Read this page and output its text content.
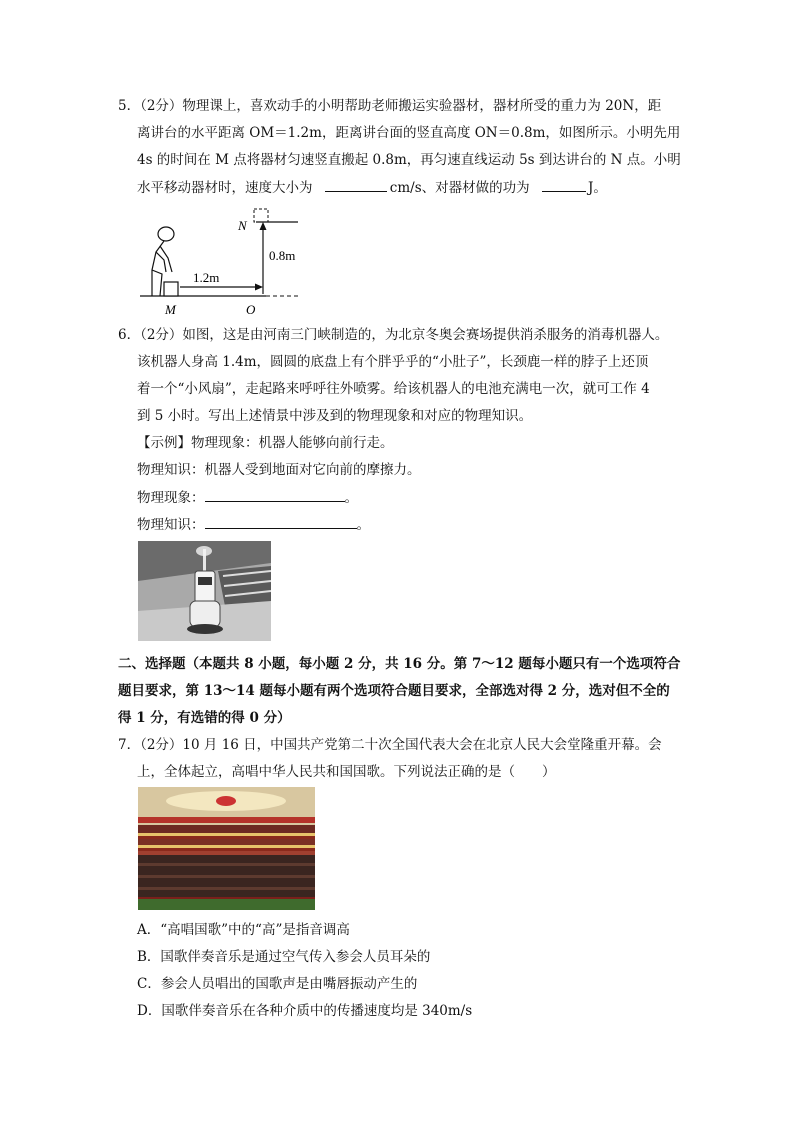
5．（2分）物理课上，喜欢动手的小明帮助老师搬运实验器材，器材所受的重力为 20N，距
离讲台的水平距离 OM＝1.2m，距离讲台面的竖直高度 ON＝0.8m，如图所示。小明先用
4s 的时间在 M 点将器材匀速竖直搬起 0.8m，再匀速直线运动 5s 到达讲台的 N 点。小明
水平移动器材时，速度大小为	cm/s、对器材做的功为	J。
N
M	O
1.2m
0.8m
6．（2分）如图，这是由河南三门峡制造的，为北京冬奥会赛场提供消杀服务的消毒机器人。
该机器人身高 1.4m，圆圆的底盘上有个胖乎乎的“小肚子”，长颈鹿一样的脖子上还顶
着一个“小风扇”，走起路来呼呼往外喷雾。给该机器人的电池充满电一次，就可工作 4
到 5 小时。写出上述情景中涉及到的物理现象和对应的物理知识。
【示例】物理现象：机器人能够向前行走。
物理知识：机器人受到地面对它向前的摩擦力。
物理现象：	。
物理知识：	。
二、选择题（本题共 8 小题，每小题 2 分，共 16 分。第 7～12 题每小题只有一个选项符合
题目要求，第 13～14 题每小题有两个选项符合题目要求，全部选对得 2 分，选对但不全的
得 1 分，有选错的得 0 分）
7．（2分）10 月 16 日，中国共产党第二十次全国代表大会在北京人民大会堂隆重开幕。会
上，全体起立，高唱中华人民共和国国歌。下列说法正确的是（　　）
A．“高唱国歌”中的“高”是指音调高
B．国歌伴奏音乐是通过空气传入参会人员耳朵的
C．参会人员唱出的国歌声是由嘴唇振动产生的
D．国歌伴奏音乐在各种介质中的传播速度均是 340m/s
